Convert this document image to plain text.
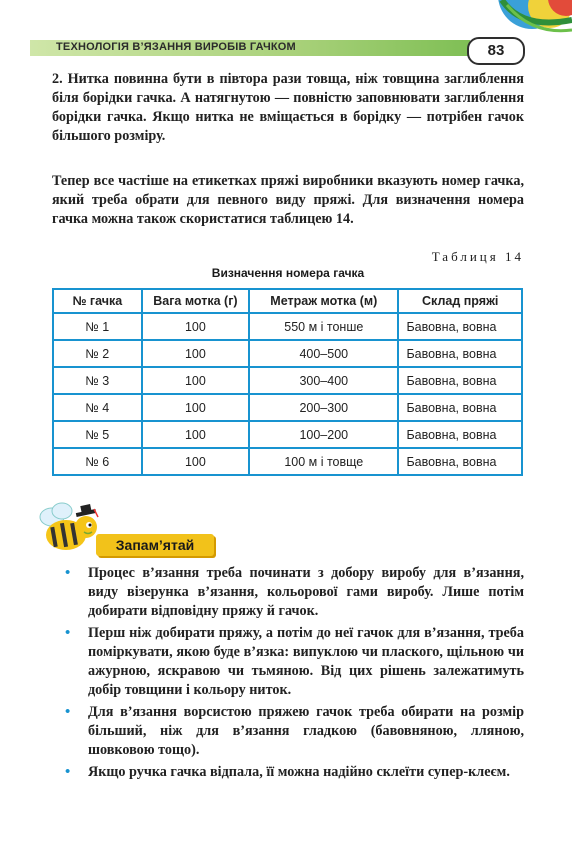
ТЕХНОЛОГІЯ В’ЯЗАННЯ ВИРОБІВ ГАЧКОМ	83
2. Нитка повинна бути в півтора рази товща, ніж товщина заглиблення біля борідки гачка. А натягнутою — повністю заповнювати заглиблення борідки гачка. Якщо нитка не вміщається в борідку — потрібен гачок більшого розміру.
Тепер все частіше на етикетках пряжі виробники вказують номер гачка, який треба обрати для певного виду пряжі. Для визначення номера гачка можна також скористатися таблицею 14.
Таблиця 14
Визначення номера гачка
№ гачка	Вага мотка (г)	Метраж мотка (м)	Склад пряжі
№ 1	100	550 м і тонше	Бавовна, вовна
№ 2	100	400–500	Бавовна, вовна
№ 3	100	300–400	Бавовна, вовна
№ 4	100	200–300	Бавовна, вовна
№ 5	100	100–200	Бавовна, вовна
№ 6	100	100 м і товще	Бавовна, вовна
Запам’ятай
• Процес в’язання треба починати з добору виробу для в’язання, виду візерунка в’язання, кольорової гами виробу. Лише потім добирати відповідну пряжу й гачок.
• Перш ніж добирати пряжу, а потім до неї гачок для в’язання, треба поміркувати, якою буде в’язка: випуклою чи плаского, щільною чи ажурною, яскравою чи тьмяною. Від цих рішень залежатимуть добір товщини і кольору ниток.
• Для в’язання ворсистою пряжею гачок треба обирати на розмір більший, ніж для в’язання гладкою (бавовняною, лляною, шовковою тощо).
• Якщо ручка гачка відпала, її можна надійно склеїти супер-клеєм.
